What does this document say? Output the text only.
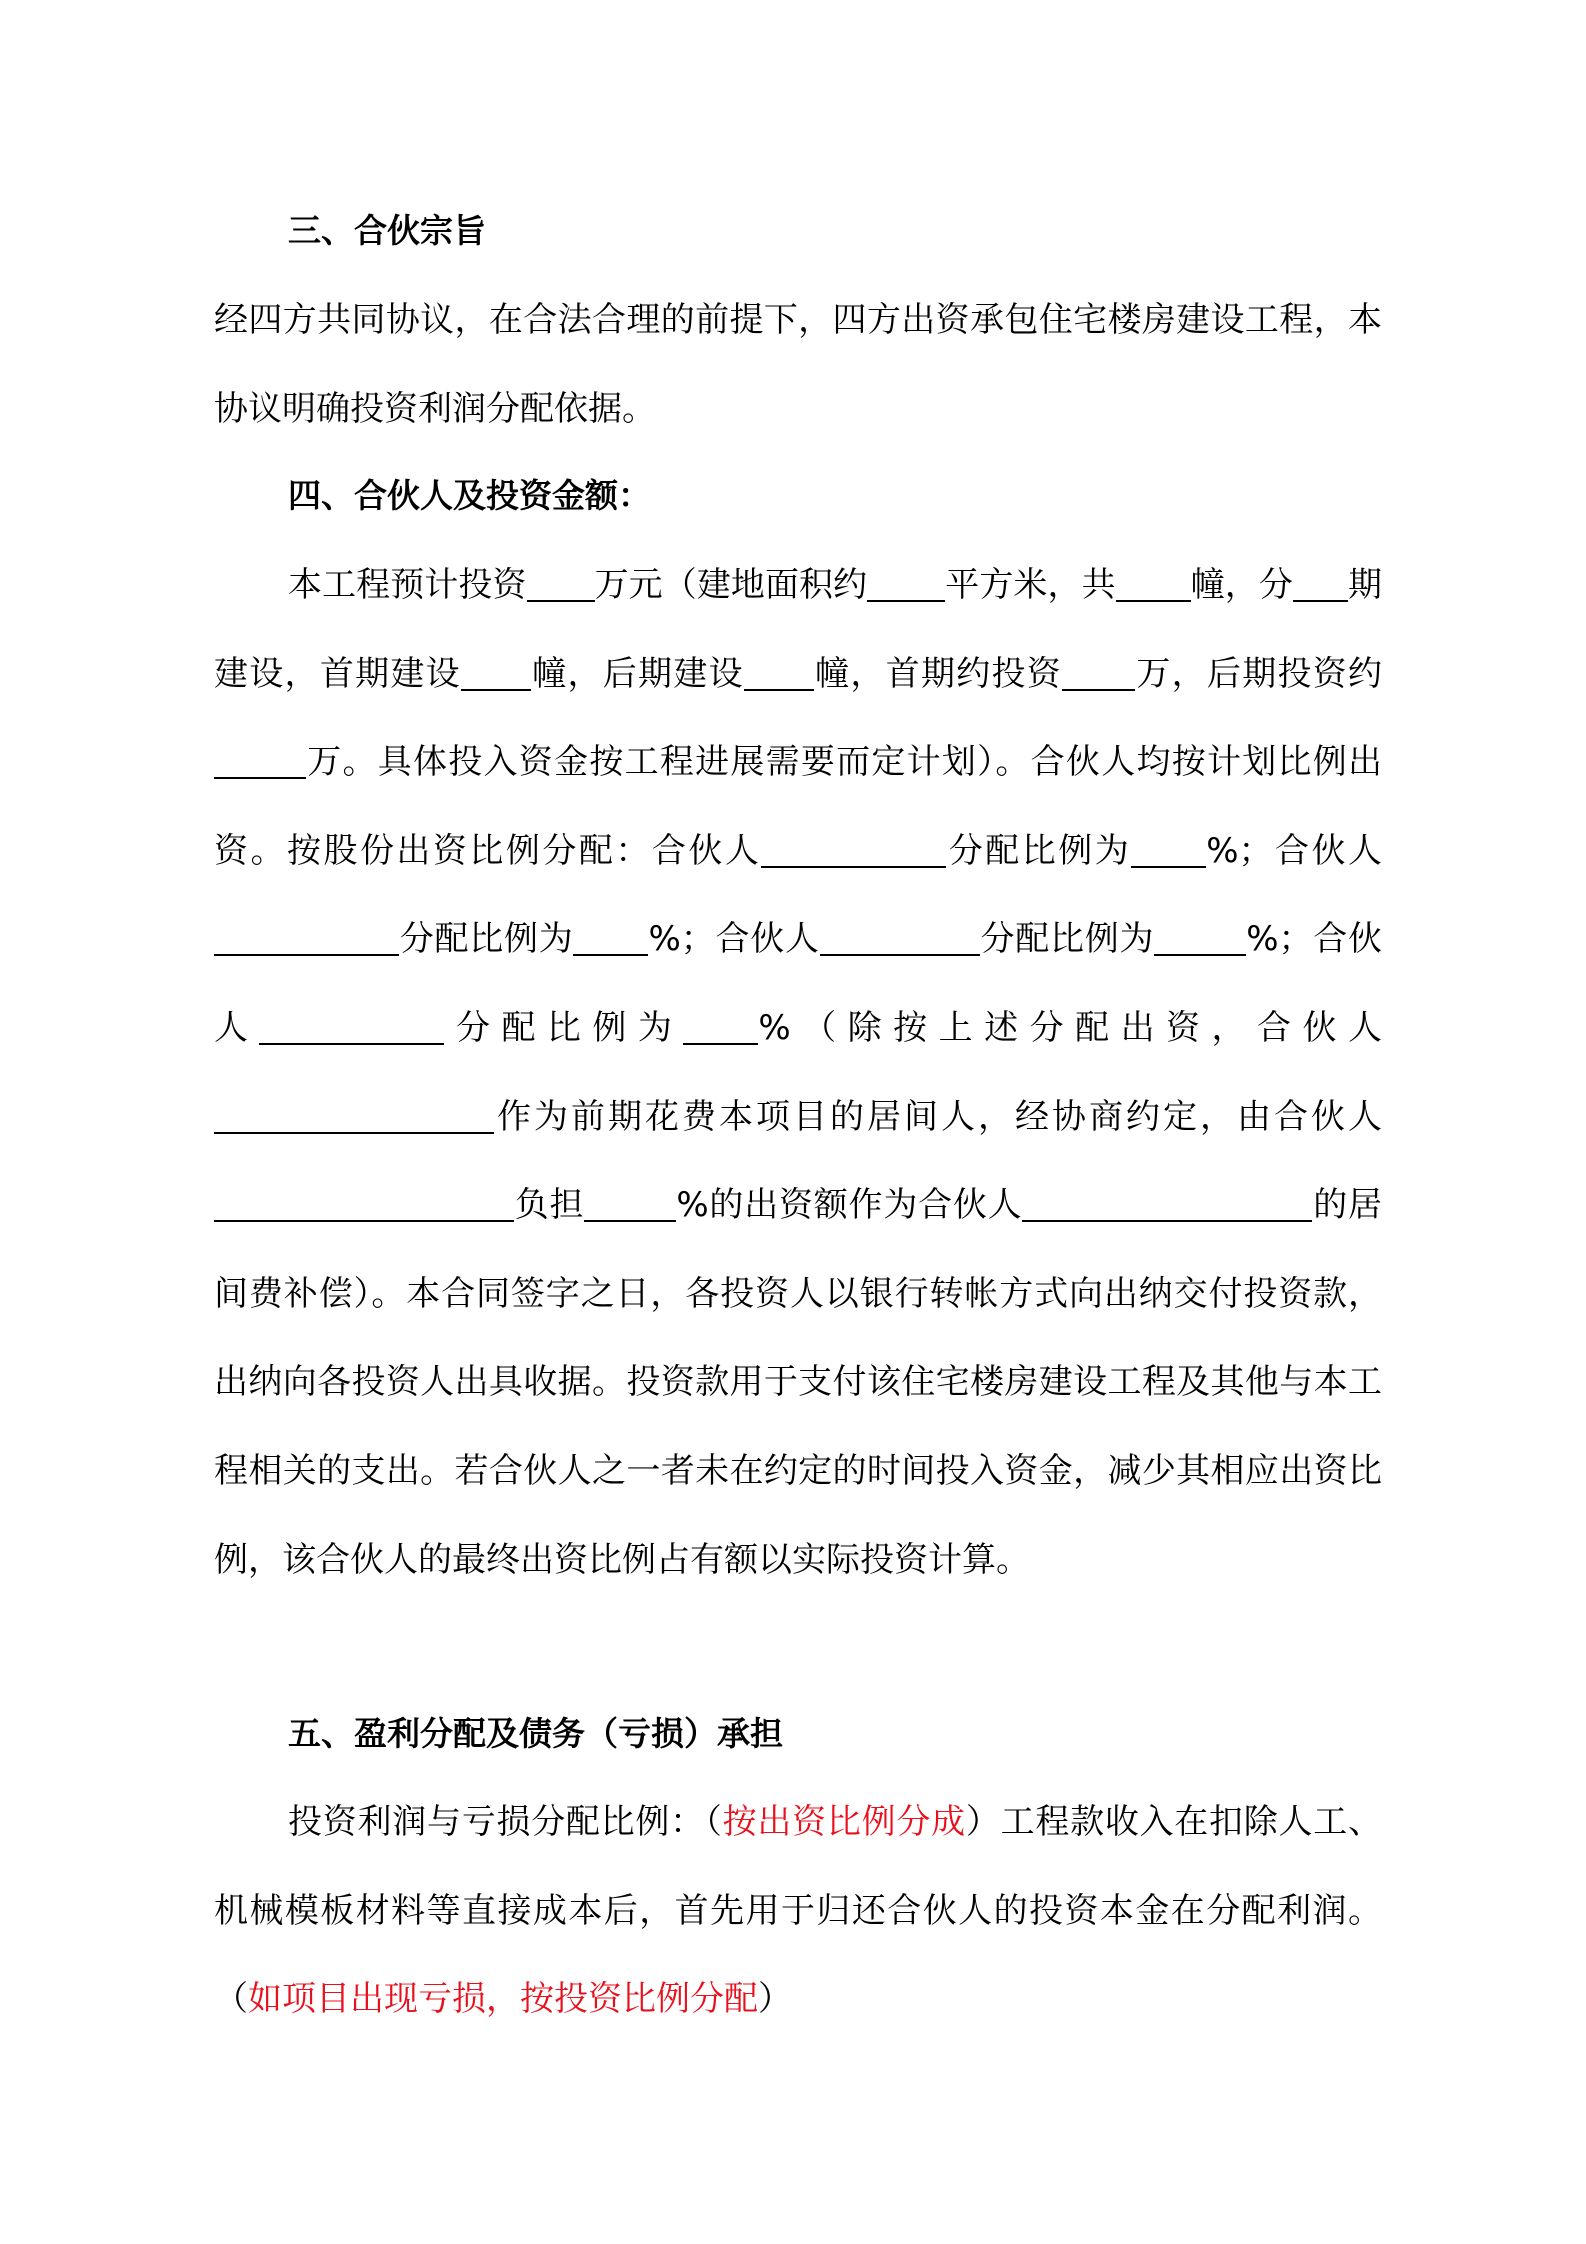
三、合伙宗旨

经四方共同协议，在合法合理的前提下，四方出资承包住宅楼房建设工程，本协议明确投资利润分配依据。

四、合伙人及投资金额：

本工程预计投资 万元（建地面积约 平方米，共 幢，分 期建设，首期建设 幢，后期建设 幢，首期约投资 万，后期投资约万。具体投入资金按工程进展需要而定计划）。合伙人均按计划比例出资。按股份出资比例分配：合伙人	分配比例为 %；合伙人分配比例为 %；合伙人	分配比例为	%；合伙人	分配比例为 %（除按上述分配出资，合伙人作为前期花费本项目的居间人，经协商约定，由合伙人负担	%的出资额作为合伙人	的居间费补偿）。本合同签字之日，各投资人以银行转帐方式向出纳交付投资款，出纳向各投资人出具收据。投资款用于支付该住宅楼房建设工程及其他与本工程相关的支出。若合伙人之一者未在约定的时间投入资金，减少其相应出资比例，该合伙人的最终出资比例占有额以实际投资计算。

五、盈利分配及债务（亏损）承担

投资利润与亏损分配比例：（按出资比例分成）工程款收入在扣除人工、机械模板材料等直接成本后，首先用于归还合伙人的投资本金在分配利润。（如项目出现亏损，按投资比例分配）
